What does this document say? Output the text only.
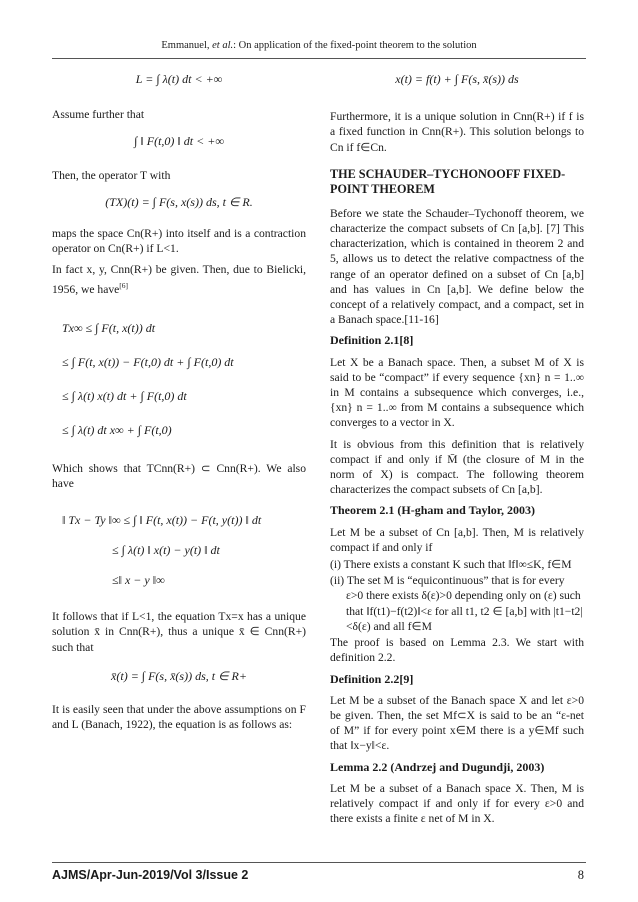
Emmanuel, et al.: On application of the fixed-point theorem to the solution
L = ∫ λ(t) dt < +∞

Assume further that

∫ ‖ F(t,0) ‖ dt < +∞

Then, the operator T with

(TX)(t) = ∫ F(s, x(s)) ds, t ∈ R.

maps the space Cn(R+) into itself and is a contraction operator on Cn(R+) if L<1.

In fact x, y, Cnn(R+) be given. Then, due to Bielicki, 1956, we have[6]

Tx∞ ≤ ∫ F(t, x(t)) dt
≤ ∫ F(t, x(t)) − F(t,0) dt + ∫ F(t,0) dt
≤ ∫ λ(t) x(t) dt + ∫ F(t,0) dt
≤ ∫ λ(t) dt x∞ + ∫ F(t,0)

Which shows that TCnn(R+) ⊂ Cnn(R+). We also have

‖ Tx − Ty ‖∞ ≤ ∫ ‖ F(t, x(t)) − F(t, y(t)) ‖ dt
≤ ∫ λ(t) ‖ x(t) − y(t) ‖ dt
≤‖ x − y ‖∞

It follows that if L<1, the equation Tx=x has a unique solution x̄ in Cnn(R+), thus a unique x̄ ∈ Cnn(R+) such that

x̄(t) = ∫ F(s, x̄(s)) ds, t ∈ R+

It is easily seen that under the above assumptions on F and L (Banach, 1922), the equation is as follows as:

x(t) = f(t) + ∫ F(s, x̄(s)) ds

Furthermore, it is a unique solution in Cnn(R+) if f is a fixed function in Cnn(R+). This solution belongs to Cn if f∈Cn.

THE SCHAUDER–TYCHONOOFF FIXED-POINT THEOREM

Before we state the Schauder–Tychonoff theorem, we characterize the compact subsets of Cn [a,b]. [7] This characterization, which is contained in theorem 2 and 5, allows us to detect the relative compactness of the range of an operator defined on a subset of Cn [a,b] and has values in Cn [a,b]. We define below the concept of a relatively compact, and a compact, set in a Banach space.[11-16]

Definition 2.1[8]

Let X be a Banach space. Then, a subset M of X is said to be “compact” if every sequence {xn} n = 1..∞ in M contains a subsequence which converges, i.e., {xn} n = 1..∞ from M contains a subsequence which converges to a vector in X.

It is obvious from this definition that is relatively compact if and only if M̄ (the closure of M in the norm of X) is compact. The following theorem characterizes the compact subsets of Cn [a,b].

Theorem 2.1 (H-gham and Taylor, 2003)

Let M be a subset of Cn [a,b]. Then, M is relatively compact if and only if

(i) There exists a constant K such that ‖f‖∞≤K, f∈M

(ii) The set M is “equicontinuous” that is for every ε>0 there exists δ(ε)>0 depending only on (ε) such that ‖f(t1)−f(t2)‖<ε for all t1, t2 ∈ [a,b] with |t1−t2|<δ(ε) and all f∈M

The proof is based on Lemma 2.3. We start with definition 2.2.

Definition 2.2[9]

Let M be a subset of the Banach space X and let ε>0 be given. Then, the set Mf⊂X is said to be an “ε-net of M” if for every point x∈M there is a y∈Mf such that ‖x−y‖<ε.

Lemma 2.2 (Andrzej and Dugundji, 2003)

Let M be a subset of a Banach space X. Then, M is relatively compact if and only if for every ε>0 and there exists a finite ε net of M in X.

AJMS/Apr-Jun-2019/Vol 3/Issue 2	8
